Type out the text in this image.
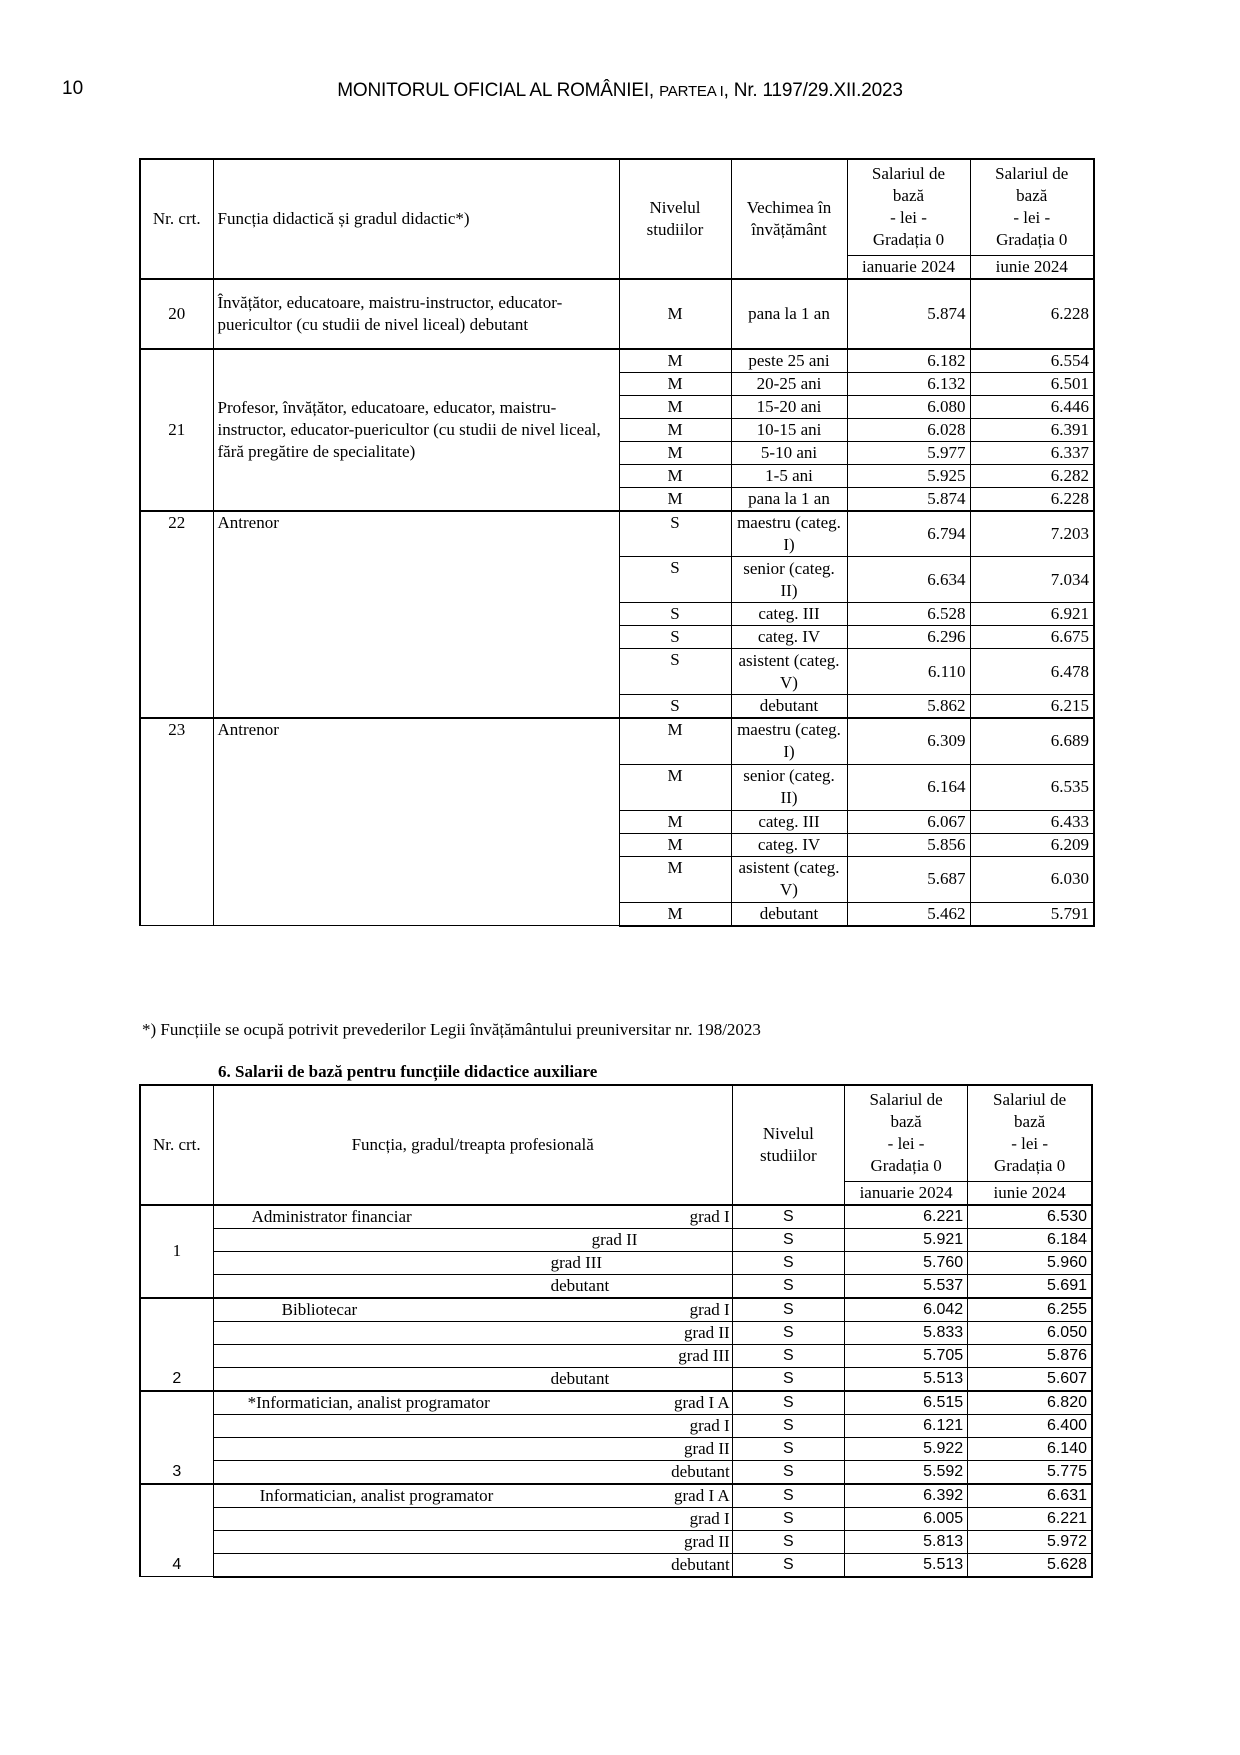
10	MONITORUL OFICIAL AL ROMÂNIEI, PARTEA I, Nr. 1197/29.XII.2023
Nr. crt.	Funcția didactică și gradul didactic*)	Nivelul studiilor	Vechimea în învățământ	
Salariul de
bază
- lei -
Gradația 0

Salariul de
bază
- lei -
Gradația 0

				ianuarie 2024	iunie 2024
20	Învățător, educatoare, maistru-instructor, educator-puericultor (cu studii de nivel liceal) debutant	M	pana la 1 an	5.874	6.228
21	Profesor, învățător, educatoare, educator, maistru-instructor, educator-puericultor (cu studii de nivel liceal, fără pregătire de specialitate)	M	peste 25 ani	6.182	6.554
		M	20-25 ani	6.132	6.501
		M	15-20 ani	6.080	6.446
		M	10-15 ani	6.028	6.391
		M	5-10 ani	5.977	6.337
		M	1-5 ani	5.925	6.282
		M	pana la 1 an	5.874	6.228
22	Antrenor	S	maestru (categ. I)	6.794	7.203
		S	senior (categ. II)	6.634	7.034
		S	categ. III	6.528	6.921
		S	categ. IV	6.296	6.675
		S	asistent (categ. V)	6.110	6.478
		S	debutant	5.862	6.215
23	Antrenor	M	maestru (categ. I)	6.309	6.689
		M	senior (categ. II)	6.164	6.535
		M	categ. III	6.067	6.433
		M	categ. IV	5.856	6.209
		M	asistent (categ. V)	5.687	6.030
		M	debutant	5.462	5.791
*) Funcțiile se ocupă potrivit prevederilor Legii învățământului preuniversitar nr. 198/2023
6. Salarii de bază pentru funcțiile didactice auxiliare
Nr. crt.	Funcția, gradul/treapta profesională	Nivelul studiilor	
Salariul de
bază
- lei -
Gradația 0

Salariul de
bază
- lei -
Gradația 0

			ianuarie 2024	iunie 2024
1	Administrator financiar grad I	S	6.221	6.530

	grad II	S	5.921	6.184

	grad III	S	5.760	5.960

	debutant	S	5.537	5.691
2	Bibliotecar grad I	S	6.042	6.255

	grad II	S	5.833	6.050

	grad III	S	5.705	5.876

	debutant	S	5.513	5.607
3	*Informatician, analist programator grad I A	S	6.515	6.820

	grad I	S	6.121	6.400

	grad II	S	5.922	6.140

	debutant	S	5.592	5.775
4	Informatician, analist programator grad I A	S	6.392	6.631

	grad I	S	6.005	6.221

	grad II	S	5.813	5.972

	debutant	S	5.513	5.628
